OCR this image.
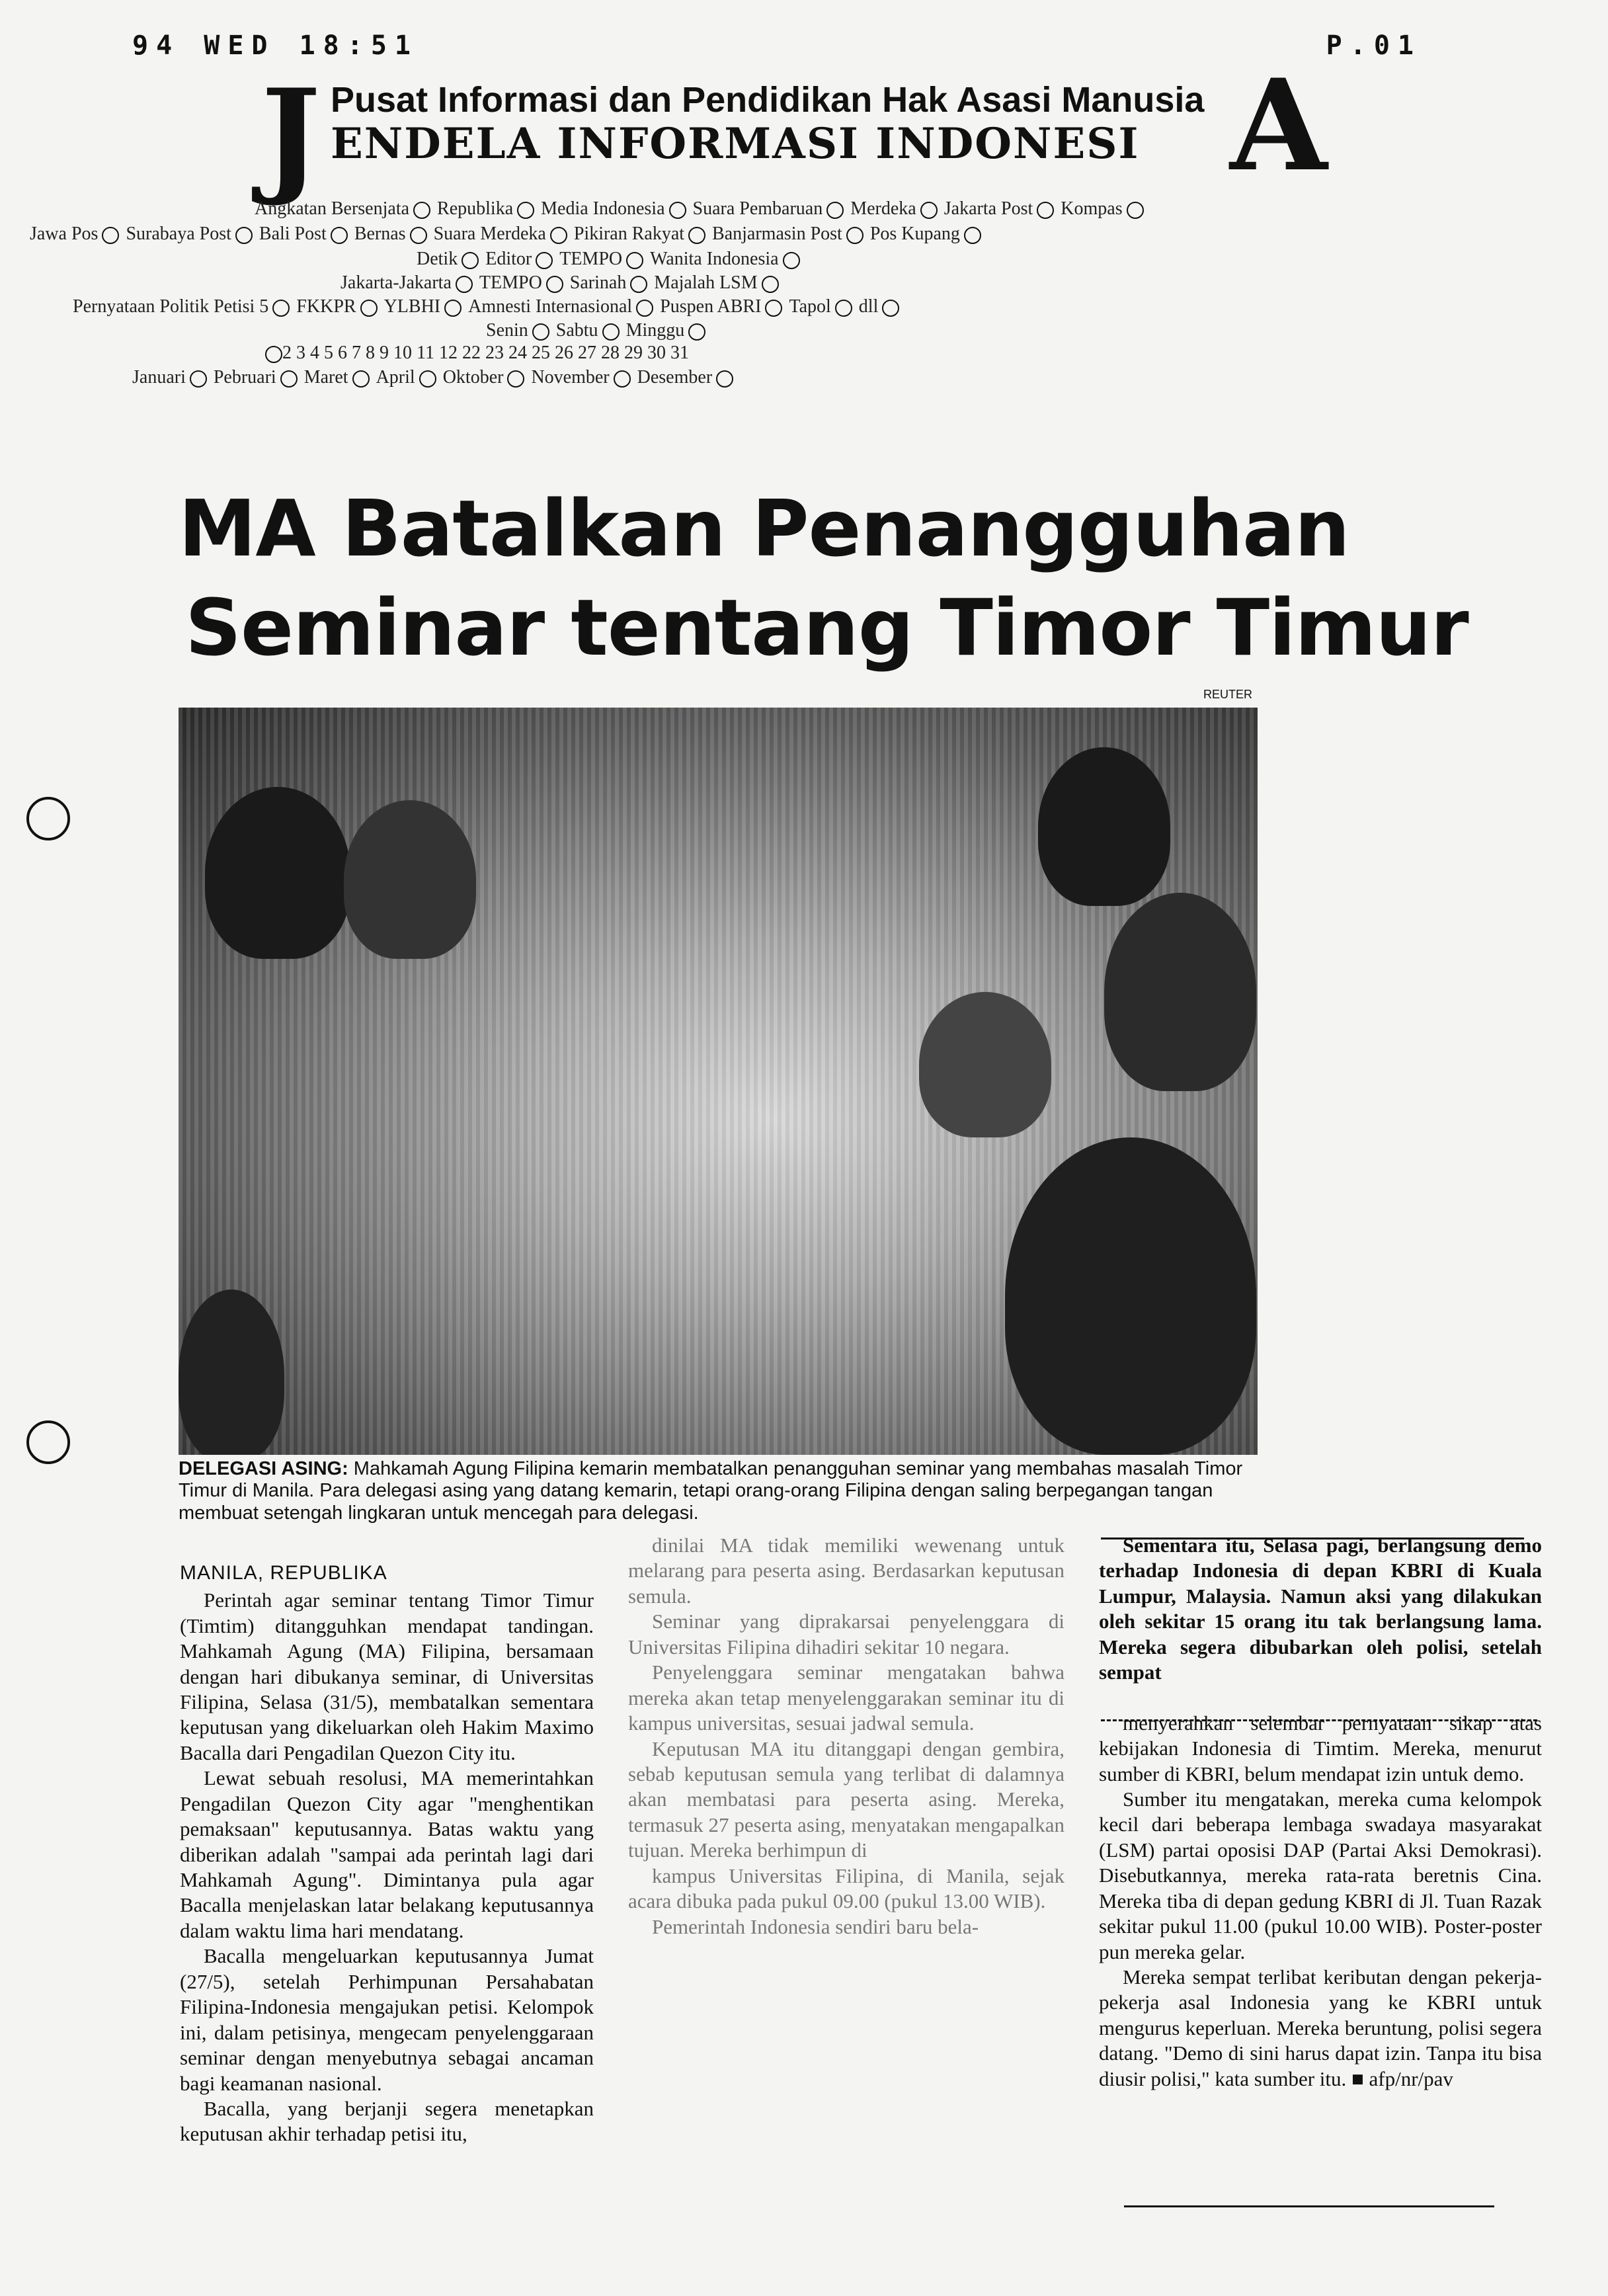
94 WED 18:51	P.01
J Pusat Informasi dan Pendidikan Hak Asasi Manusia
ENDELA INFORMASI INDONESI A
Angkatan Bersenjata Republika Media Indonesia Suara Pembaruan Merdeka Jakarta Post Kompas
Jawa Pos Surabaya Post Bali Post Bernas Suara Merdeka Pikiran Rakyat Banjarmasin Post Pos Kupang
Detik Editor TEMPO Wanita Indonesia
Jakarta-Jakarta TEMPO Sarinah Majalah LSM
Pernyataan Politik Petisi 5 FKKPR YLBHI Amnesti Internasional Puspen ABRI Tapol dll
Senin Sabtu Minggu
2 3 4 5 6 7 8 9 10 11 12 22 23 24 25 26 27 28 29 30 31
Januari Pebruari Maret April Oktober November Desember
MA Batalkan Penangguhan
Seminar tentang Timor Timur
REUTER
DELEGASI ASING: Mahkamah Agung Filipina kemarin membatalkan penangguhan seminar yang membahas masalah Timor Timur di Manila. Para delegasi asing yang datang kemarin, tetapi orang-orang Filipina dengan saling berpegangan tangan membuat setengah lingkaran untuk mencegah para delegasi.
MANILA, REPUBLIKA

Perintah agar seminar tentang Timor Timur (Timtim) ditangguhkan mendapat tandingan. Mahkamah Agung (MA) Filipina, bersamaan dengan hari dibukanya seminar, di Universitas Filipina, Selasa (31/5), membatalkan sementara keputusan yang dikeluarkan oleh Hakim Maximo Bacalla dari Pengadilan Quezon City itu.

Lewat sebuah resolusi, MA memerintahkan Pengadilan Quezon City agar "menghentikan pemaksaan" keputusannya. Batas waktu yang diberikan adalah "sampai ada perintah lagi dari Mahkamah Agung". Dimintanya pula agar Bacalla menjelaskan latar belakang keputusannya dalam waktu lima hari mendatang.

Bacalla mengeluarkan keputusannya Jumat (27/5), setelah Perhimpunan Persahabatan Filipina-Indonesia mengajukan petisi. Kelompok ini, dalam petisinya, mengecam penyelenggaraan seminar dengan menyebutnya sebagai ancaman bagi keamanan nasional.

Bacalla, yang berjanji segera menetapkan keputusan akhir terhadap petisi itu,

dinilai MA tidak memiliki wewenang untuk melarang para peserta asing. Berdasarkan keputusan semula.

Seminar yang diprakarsai penyelenggara di Universitas Filipina dihadiri sekitar 10 negara.

Penyelenggara seminar mengatakan bahwa mereka akan tetap menyelenggarakan seminar itu di kampus universitas, sesuai jadwal semula.

Keputusan MA itu ditanggapi dengan gembira, sebab keputusan semula yang terlibat di dalamnya akan membatasi para peserta asing. Mereka, termasuk 27 peserta asing, menyatakan mengapalkan tujuan. Mereka berhimpun di

kampus Universitas Filipina, di Manila, sejak acara dibuka pada pukul 09.00 (pukul 13.00 WIB).

Pemerintah Indonesia sendiri baru bela-

Sementara itu, Selasa pagi, berlangsung demo terhadap Indonesia di depan KBRI di Kuala Lumpur, Malaysia. Namun aksi yang dilakukan oleh sekitar 15 orang itu tak berlangsung lama. Mereka segera dibubarkan oleh polisi, setelah sempat

menyerahkan selembar pernyataan sikap atas kebijakan Indonesia di Timtim. Mereka, menurut sumber di KBRI, belum mendapat izin untuk demo.

Sumber itu mengatakan, mereka cuma kelompok kecil dari beberapa lembaga swadaya masyarakat (LSM) partai oposisi DAP (Partai Aksi Demokrasi). Disebutkannya, mereka rata-rata beretnis Cina. Mereka tiba di depan gedung KBRI di Jl. Tuan Razak sekitar pukul 11.00 (pukul 10.00 WIB). Poster-poster pun mereka gelar.

Mereka sempat terlibat keributan dengan pekerja-pekerja asal Indonesia yang ke KBRI untuk mengurus keperluan. Mereka beruntung, polisi segera datang. "Demo di sini harus dapat izin. Tanpa itu bisa diusir polisi," kata sumber itu. ■ afp/nr/pav
